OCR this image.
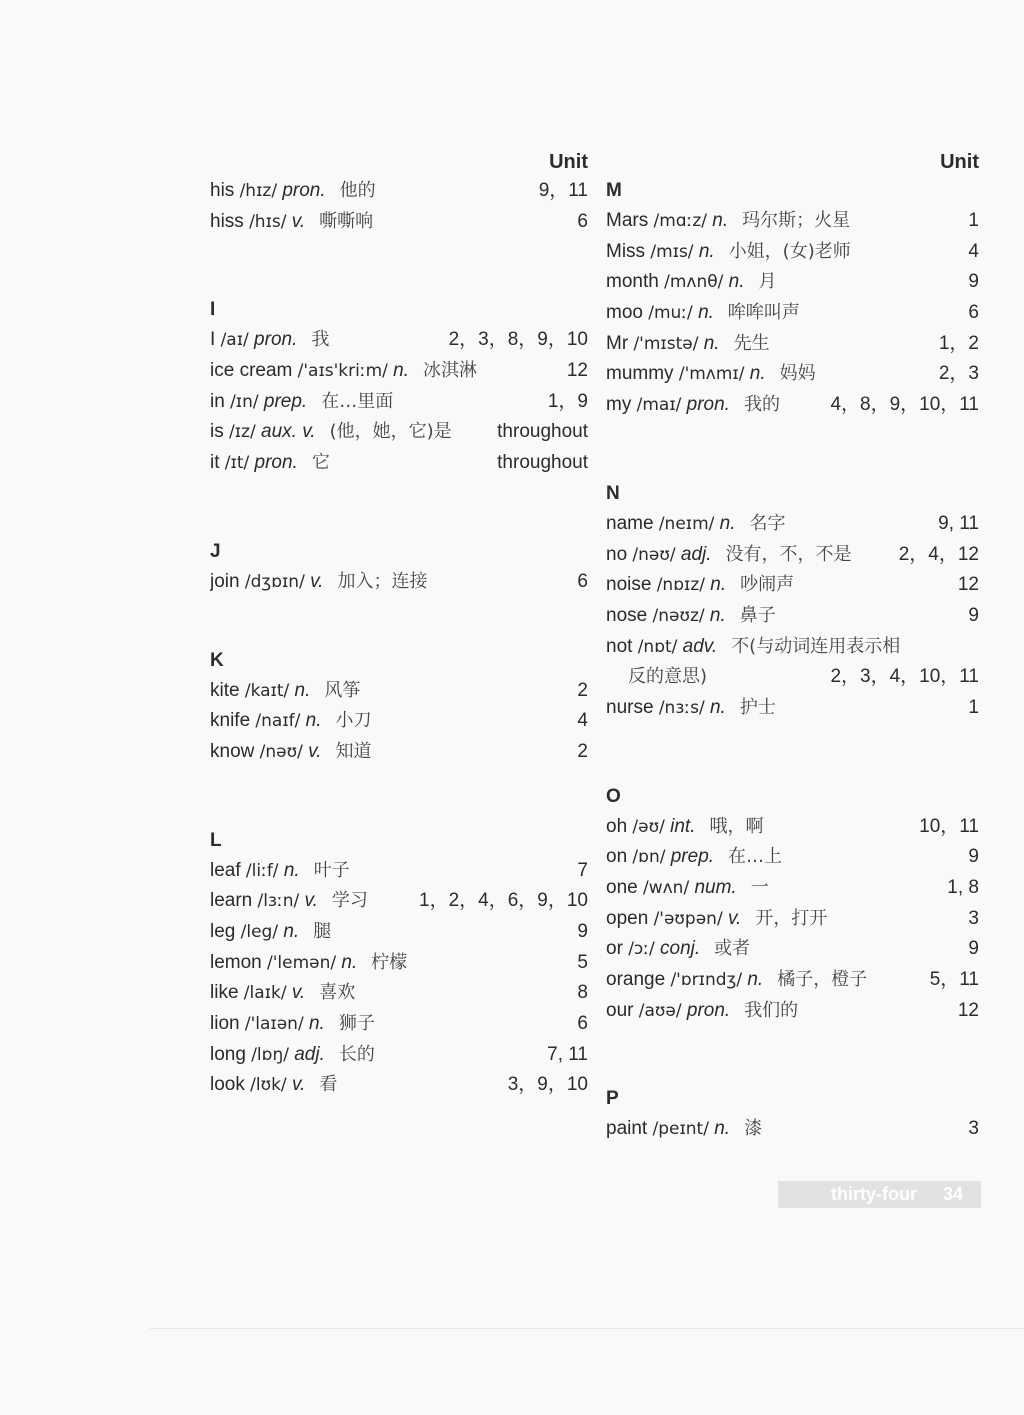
Unit
his /hɪz/ pron. 他的	9，11
hiss /hɪs/ v. 嘶嘶响	6
I
I /aɪ/ pron. 我	2，3，8，9，10
ice cream /'aɪs'kriːm/ n. 冰淇淋	12
in /ɪn/ prep. 在…里面	1，9
is /ɪz/ aux. v. (他，她，它)是	throughout
it /ɪt/ pron. 它	throughout
J
join /dʒɒɪn/ v. 加入；连接	6
K
kite /kaɪt/ n. 风筝	2
knife /naɪf/ n. 小刀	4
know /nəʊ/ v. 知道	2
L
leaf /liːf/ n. 叶子	7
learn /lɜːn/ v. 学习	1，2，4，6，9，10
leg /leg/ n. 腿	9
lemon /'lemən/ n. 柠檬	5
like /laɪk/ v. 喜欢	8
lion /'laɪən/ n. 狮子	6
long /lɒŋ/ adj. 长的	7, 11
look /lʊk/ v. 看	3，9，10
Unit
M
Mars /mɑːz/ n. 玛尔斯；火星	1
Miss /mɪs/ n. 小姐，(女)老师	4
month /mʌnθ/ n. 月	9
moo /muː/ n. 哞哞叫声	6
Mr /'mɪstə/ n. 先生	1，2
mummy /'mʌmɪ/ n. 妈妈	2，3
my /maɪ/ pron. 我的	4，8，9，10，11
N
name /neɪm/ n. 名字	9, 11
no /nəʊ/ adj. 没有，不，不是	2，4，12
noise /nɒɪz/ n. 吵闹声	12
nose /nəʊz/ n. 鼻子	9
not /nɒt/ adv. 不(与动词连用表示相
反的意思)	2，3，4，10，11
nurse /nɜːs/ n. 护士	1
O
oh /əʊ/ int. 哦，啊	10，11
on /ɒn/ prep. 在…上	9
one /wʌn/ num. 一	1, 8
open /'əʊpən/ v. 开，打开	3
or /ɔː/ conj. 或者	9
orange /'ɒrɪndʒ/ n. 橘子，橙子	5，11
our /aʊə/ pron. 我们的	12
P
paint /peɪnt/ n. 漆	3
thirty-four 34
